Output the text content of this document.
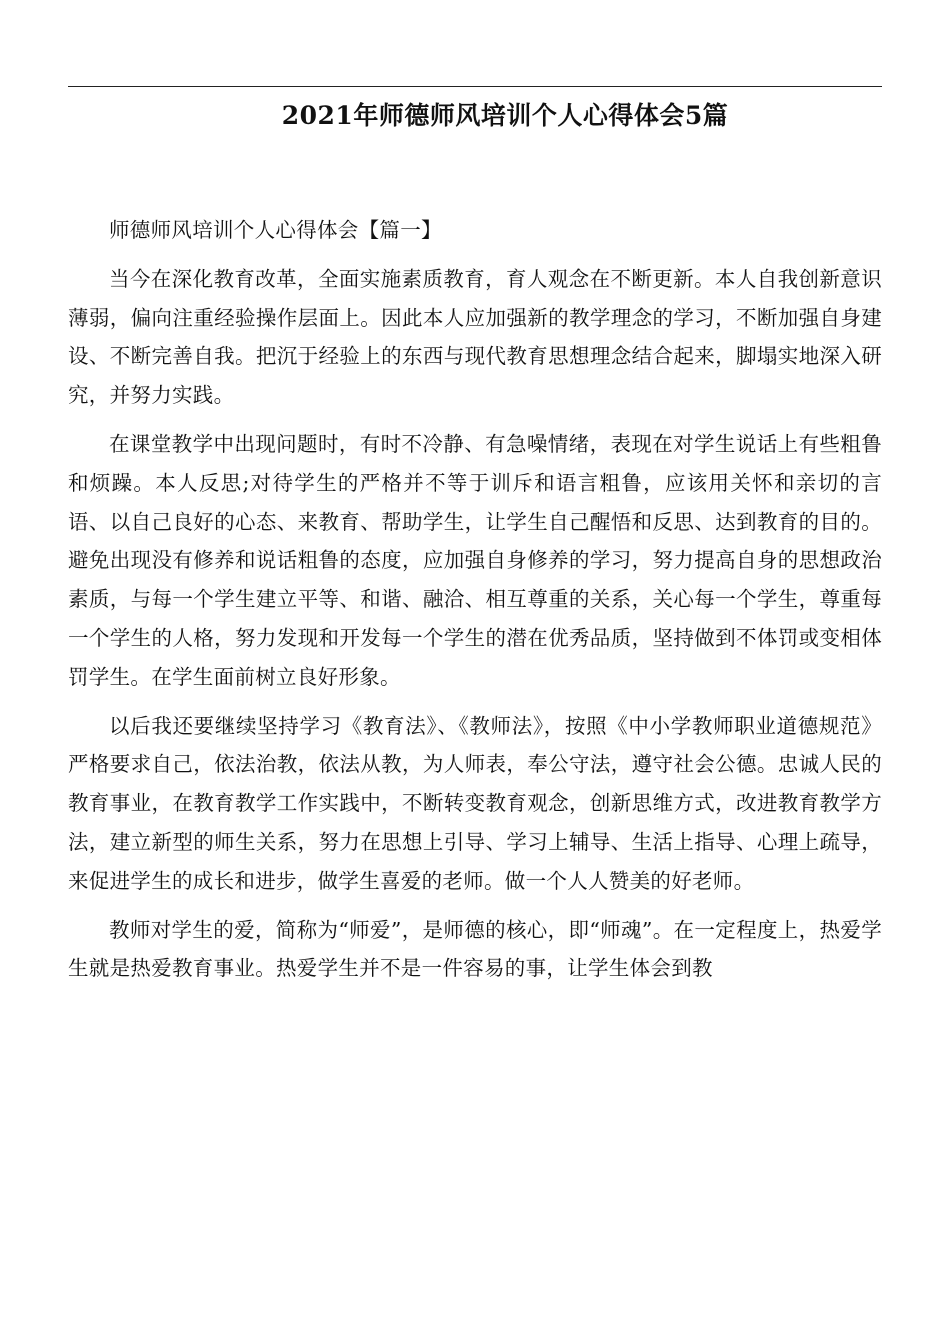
2021年师德师风培训个人心得体会5篇

师德师风培训个人心得体会【篇一】

当今在深化教育改革，全面实施素质教育，育人观念在不断更新。本人自我创新意识薄弱，偏向注重经验操作层面上。因此本人应加强新的教学理念的学习，不断加强自身建设、不断完善自我。把沉于经验上的东西与现代教育思想理念结合起来，脚塌实地深入研究，并努力实践。

在课堂教学中出现问题时，有时不冷静、有急噪情绪，表现在对学生说话上有些粗鲁和烦躁。本人反思;对待学生的严格并不等于训斥和语言粗鲁，应该用关怀和亲切的言语、以自己良好的心态、来教育、帮助学生，让学生自己醒悟和反思、达到教育的目的。避免出现没有修养和说话粗鲁的态度，应加强自身修养的学习，努力提高自身的思想政治素质，与每一个学生建立平等、和谐、融洽、相互尊重的关系，关心每一个学生，尊重每一个学生的人格，努力发现和开发每一个学生的潜在优秀品质，坚持做到不体罚或变相体罚学生。在学生面前树立良好形象。

以后我还要继续坚持学习《教育法》、《教师法》，按照《中小学教师职业道德规范》严格要求自己，依法治教，依法从教，为人师表，奉公守法，遵守社会公德。忠诚人民的教育事业，在教育教学工作实践中，不断转变教育观念，创新思维方式，改进教育教学方法，建立新型的师生关系，努力在思想上引导、学习上辅导、生活上指导、心理上疏导，来促进学生的成长和进步，做学生喜爱的老师。做一个人人赞美的好老师。

教师对学生的爱，简称为“师爱”，是师德的核心，即“师魂”。在一定程度上，热爱学生就是热爱教育事业。热爱学生并不是一件容易的事，让学生体会到教
